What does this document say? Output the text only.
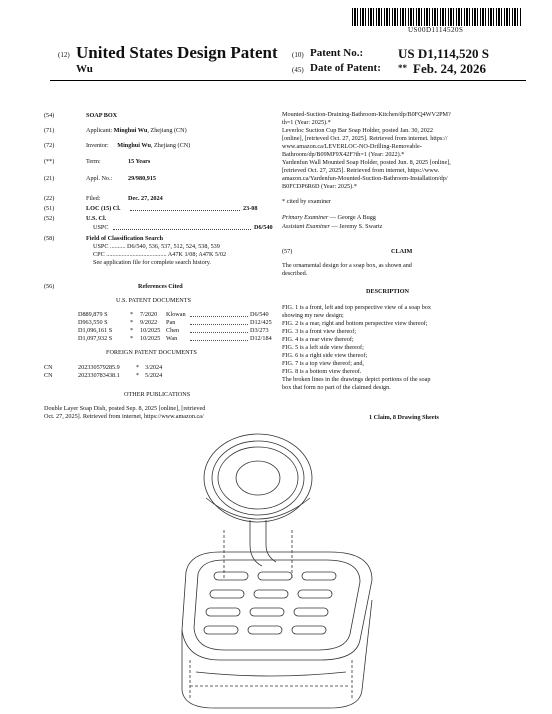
US00D1114520S
(12) United States Design Patent
Wu
(10) Patent No.:	US D1,114,520 S
(45) Date of Patent: ** Feb. 24, 2026
(54)	SOAP BOX
(71)	Applicant: Minghui Wu, Zhejiang (CN)
(72)	Inventor: Minghui Wu, Zhejiang (CN)
(**)	Term:	15 Years
(21)	Appl. No.:	29/980,915
(22)	Filed:	Dec. 27, 2024
(51)	LOC (15) Cl.	23-08
(52)	U.S. Cl.
USPC	D6/540
(58)	Field of Classification Search
USPC .......... D6/540, 536, 537, 512, 524, 538, 539
CPC ....................................... A47K 1/08; A47K 5/02
See application file for complete search history.
(56)	References Cited
U.S. PATENT DOCUMENTS
D889,879 S	* 7/2020 Klowan	D6/540
D963,550 S	* 9/2022 Pan	D12/425
D1,096,161 S	* 10/2025 Chen	D3/273
D1,097,932 S	* 10/2025 Wan	D12/184
FOREIGN PATENT DOCUMENTS
CN	202330579285.9	* 3/2024
CN	202330783438.1	* 5/2024
OTHER PUBLICATIONS
Double Layer Soap Dish, posted Sep. 8, 2025 [online], [retrieved
Oct. 27, 2025]. Retrieved from internet, https://www.amazon.ca/
Mounted-Suction-Draining-Bathroom-Kitchen/dp/B0FQ4WV2PM?
th=1 (Year: 2025).*
Leverloc Suction Cup Bar Soap Holder, posted Jan. 30, 2022
[online], [retrieved Oct. 27, 2025]. Retrieved from internet. https://
www.amazon.ca/LEVERLOC-NO-Drilling-Removable-
Bathroom/dp/B09MF9X42F?th=1 (Year: 2022).*
Yardenfun Wall Mounted Soap Holder, posted Jun. 8, 2025 [online],
[retrieved Oct. 27, 2025]. Retrieved from internet, https://www.
amazon.ca/Yardenfun-Mounted-Suction-Bathroom-Installation/dp/
B0FCDP6R6D (Year: 2025).*
* cited by examiner
Primary Examiner — George A Bugg
Assistant Examiner — Jeremy S. Swartz
(57)	CLAIM
The ornamental design for a soap box, as shown and
described.
DESCRIPTION
FIG. 1 is a front, left and top perspective view of a soap box
showing my new design;
FIG. 2 is a rear, right and bottom perspective view thereof;
FIG. 3 is a front view thereof;
FIG. 4 is a rear view thereof;
FIG. 5 is a left side view thereof;
FIG. 6 is a right side view thereof;
FIG. 7 is a top view thereof; and,
FIG. 8 is a bottom view thereof.
The broken lines in the drawings depict portions of the soap
box that form no part of the claimed design.
1 Claim, 8 Drawing Sheets
